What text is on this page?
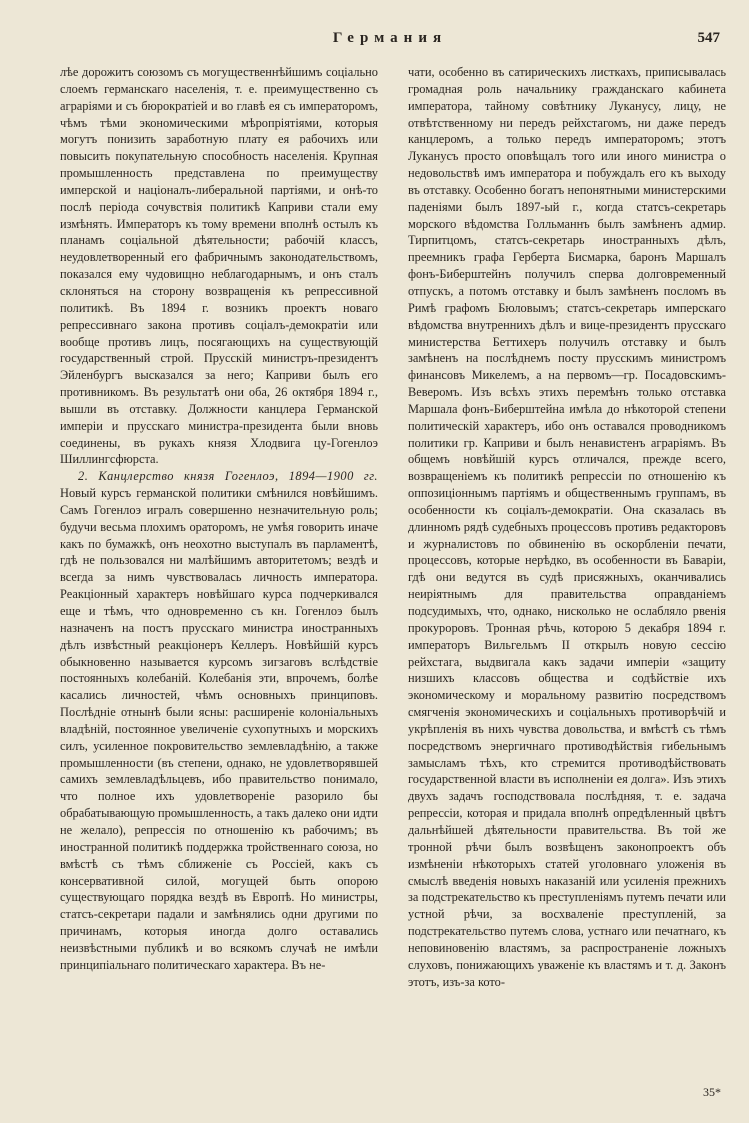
Германия	547

лѣе дорожитъ союзомъ съ могущественнѣйшимъ соціально слоемъ германскаго населенія, т. е. преимущественно съ аграріями и съ бюрократіей и во главѣ ея съ императоромъ, чѣмъ тѣми экономическими мѣропріятіями, которыя могутъ понизить заработную плату ея рабочихъ или повысить покупательную способность населенія. Крупная промышленность представлена по преимуществу имперской и націоналъ-либеральной партіями, и онѣ-то послѣ періода сочувствія политикѣ Каприви стали ему измѣнять. Императоръ къ тому времени вполнѣ остылъ къ планамъ соціальной дѣятельности; рабочій классъ, неудовлетворенный его фабричнымъ законодательствомъ, показался ему чудовищно неблагодарнымъ, и онъ сталъ склоняться на сторону возвращенія къ репрессивной политикѣ. Въ 1894 г. возникъ проектъ новаго репрессивнаго закона противъ соціалъ-демократіи или вообще противъ лицъ, посягающихъ на существующій государственный строй. Прусскій министръ-президентъ Эйленбургъ высказался за него; Каприви былъ его противникомъ. Въ результатѣ они оба, 26 октября 1894 г., вышли въ отставку. Должности канцлера Германской имперіи и прусскаго министра-президента были вновь соединены, въ рукахъ князя Хлодвига цу-Гогенлоэ Шиллингсфюрста.

2. Канцлерство князя Гогенлоэ, 1894—1900 гг. Новый курсъ германской политики смѣнился новѣйшимъ. Самъ Гогенлоэ игралъ совершенно незначительную роль; будучи весьма плохимъ ораторомъ, не умѣя говорить иначе какъ по бумажкѣ, онъ неохотно выступалъ въ парламентѣ, гдѣ не пользовался ни малѣйшимъ авторитетомъ; вездѣ и всегда за нимъ чувствовалась личность императора. Реакціонный характеръ новѣйшаго курса подчеркивался еще и тѣмъ, что одновременно съ кн. Гогенлоэ былъ назначенъ на постъ прусскаго министра иностранныхъ дѣлъ извѣстный реакціонеръ Келлеръ. Новѣйшій курсъ обыкновенно называется курсомъ зигзаговъ вслѣдствіе постоянныхъ колебаній. Колебанія эти, впрочемъ, болѣе касались личностей, чѣмъ основныхъ принциповъ. Послѣдніе отнынѣ были ясны: расширеніе колоніальныхъ владѣній, постоянное увеличеніе сухопутныхъ и морскихъ силъ, усиленное покровительство землевладѣнію, а также промышленности (въ степени, однако, не удовлетворявшей самихъ землевладѣльцевъ, ибо правительство понимало, что полное ихъ удовлетвореніе разорило бы обрабатывающую промышленность, а такъ далеко они идти не желало), репрессія по отношенію къ рабочимъ; въ иностранной политикѣ поддержка тройственнаго союза, но вмѣстѣ съ тѣмъ сближеніе съ Россіей, какъ съ консервативной силой, могущей быть опорою существующаго порядка вездѣ въ Европѣ. Но министры, статсъ-секретари падали и замѣнялись одни другими по причинамъ, которыя иногда долго оставались неизвѣстными публикѣ и во всякомъ случаѣ не имѣли принципіальнаго политическаго характера. Въ не-

чати, особенно въ сатирическихъ листкахъ, приписывалась громадная роль начальнику гражданскаго кабинета императора, тайному совѣтнику Луканусу, лицу, не отвѣтственному ни передъ рейхстагомъ, ни даже передъ канцлеромъ, а только передъ императоромъ; этотъ Луканусъ просто оповѣщалъ того или иного министра о недовольствѣ имъ императора и побуждалъ его къ выходу въ отставку. Особенно богатъ непонятными министерскими паденіями былъ 1897-ый г., когда статсъ-секретарь морского вѣдомства Голльманнъ былъ замѣненъ адмир. Тирпитцомъ, статсъ-секретарь иностранныхъ дѣлъ, преемникъ графа Герберта Бисмарка, баронъ Маршалъ фонъ-Биберштейнъ получилъ сперва долговременный отпускъ, а потомъ отставку и былъ замѣненъ посломъ въ Римѣ графомъ Бюловымъ; статсъ-секретарь имперскаго вѣдомства внутреннихъ дѣлъ и вице-президентъ прусскаго министерства Беттихеръ получилъ отставку и былъ замѣненъ на послѣднемъ посту прусскимъ министромъ финансовъ Микелемъ, а на первомъ—гр. Посадовскимъ-Веверомъ. Изъ всѣхъ этихъ перемѣнъ только отставка Маршала фонъ-Биберштейна имѣла до нѣкоторой степени политическій характеръ, ибо онъ оставался проводникомъ политики гр. Каприви и былъ ненавистенъ аграріямъ. Въ общемъ новѣйшій курсъ отличался, прежде всего, возвращеніемъ къ политикѣ репрессіи по отношенію къ оппозиціоннымъ партіямъ и общественнымъ группамъ, въ особенности къ соціалъ-демократіи. Она сказалась въ длинномъ рядѣ судебныхъ процессовъ противъ редакторовъ и журналистовъ по обвиненію въ оскорбленіи печати, процессовъ, которые нерѣдко, въ особенности въ Баваріи, гдѣ они ведутся въ судѣ присяжныхъ, оканчивались неиріятнымъ для правительства оправданіемъ подсудимыхъ, что, однако, нисколько не ослабляло рвенія прокуроровъ. Тронная рѣчь, которою 5 декабря 1894 г. императоръ Вильгельмъ II открылъ новую сессію рейхстага, выдвигала какъ задачи имперіи «защиту низшихъ классовъ общества и содѣйствіе ихъ экономическому и моральному развитію посредствомъ смягченія экономическихъ и соціальныхъ противорѣчій и укрѣпленія въ нихъ чувства довольства, и вмѣстѣ съ тѣмъ посредствомъ энергичнаго противодѣйствія гибельнымъ замысламъ тѣхъ, кто стремится противодѣйствовать государственной власти въ исполненіи ея долга». Изъ этихъ двухъ задачъ господствовала послѣдняя, т. е. задача репрессіи, которая и придала вполнѣ опредѣленный цвѣтъ дальнѣйшей дѣятельности правительства. Въ той же тронной рѣчи былъ возвѣщенъ законопроектъ объ измѣненіи нѣкоторыхъ статей уголовнаго уложенія въ смыслѣ введенія новыхъ наказаній или усиленія прежнихъ за подстрекательство къ преступленіямъ путемъ печати или устной рѣчи, за восхваленіе преступленій, за подстрекательство путемъ слова, устнаго или печатнаго, къ неповиновенію властямъ, за распространеніе ложныхъ слуховъ, понижающихъ уваженіе къ властямъ и т. д. Законъ этотъ, изъ-за кото-

35*
